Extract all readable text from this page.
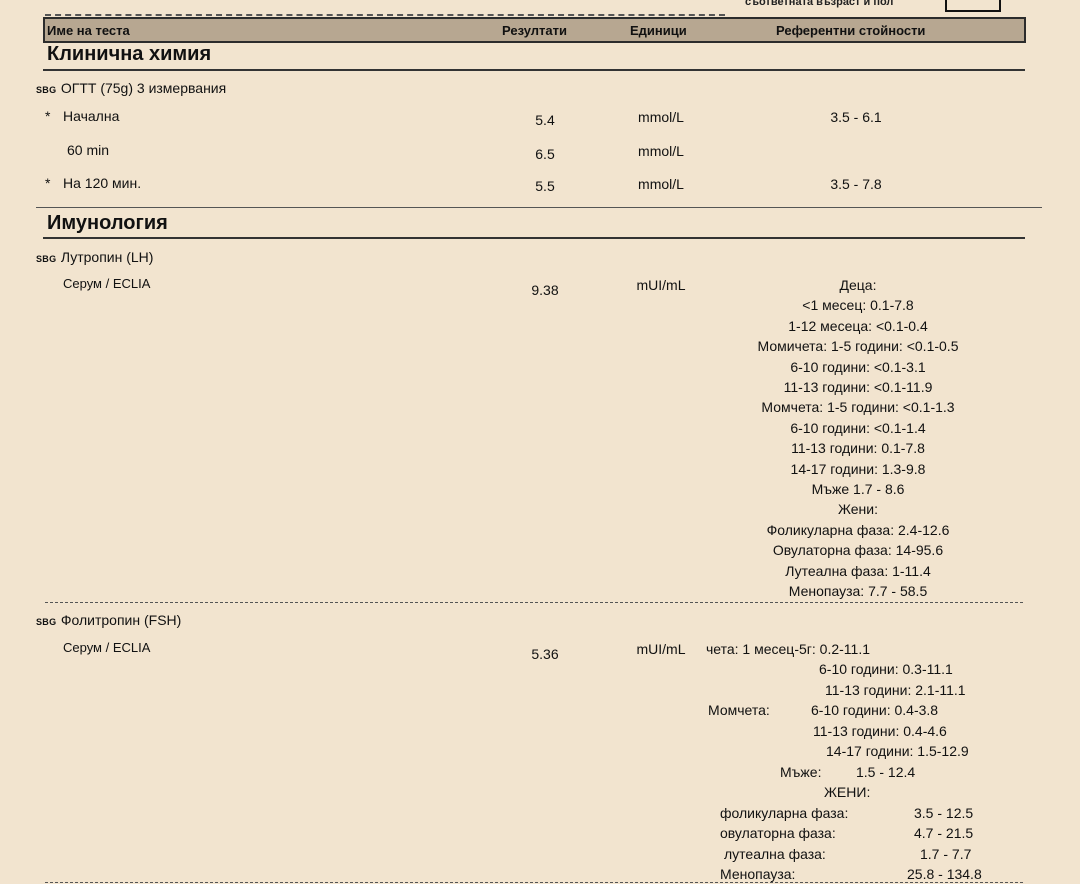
съответната възраст и пол
Име на теста	Резултати	Единици	Референтни стойности
Клинична химия
SBG ОГТТ (75g) 3 измервания
* Начална	5.4	mmol/L	3.5 - 6.1
60 min	6.5	mmol/L
* На 120 мин.	5.5	mmol/L	3.5 - 7.8
Имунология
SBG Лутропин (LH)
Серум / ECLIA	9.38	mUI/mL	Деца:
<1 месец: 0.1-7.8
1-12 месеца: <0.1-0.4
Момичета: 1-5 години: <0.1-0.5
6-10 години: <0.1-3.1
11-13 години: <0.1-11.9
Момчета: 1-5 години: <0.1-1.3
6-10 години: <0.1-1.4
11-13 години: 0.1-7.8
14-17 години: 1.3-9.8
Мъже 1.7 - 8.6
Жени:
Фоликуларна фаза: 2.4-12.6
Овулаторна фаза: 14-95.6
Лутеална фаза: 1-11.4
Менопауза: 7.7 - 58.5
SBG Фолитропин (FSH)
Серум / ECLIA	5.36	mUI/mL чета: 1 месец-5г: 0.2-11.1
6-10 години: 0.3-11.1
11-13 години: 2.1-11.1
Момчета:	6-10 години: 0.4-3.8
11-13 години: 0.4-4.6
14-17 години: 1.5-12.9
Мъже: 1.5 - 12.4
ЖЕНИ:
фоликуларна фаза:	3.5 - 12.5
овулаторна фаза:	4.7 - 21.5
лутеална фаза:	1.7 - 7.7
Менопауза:	25.8 - 134.8
